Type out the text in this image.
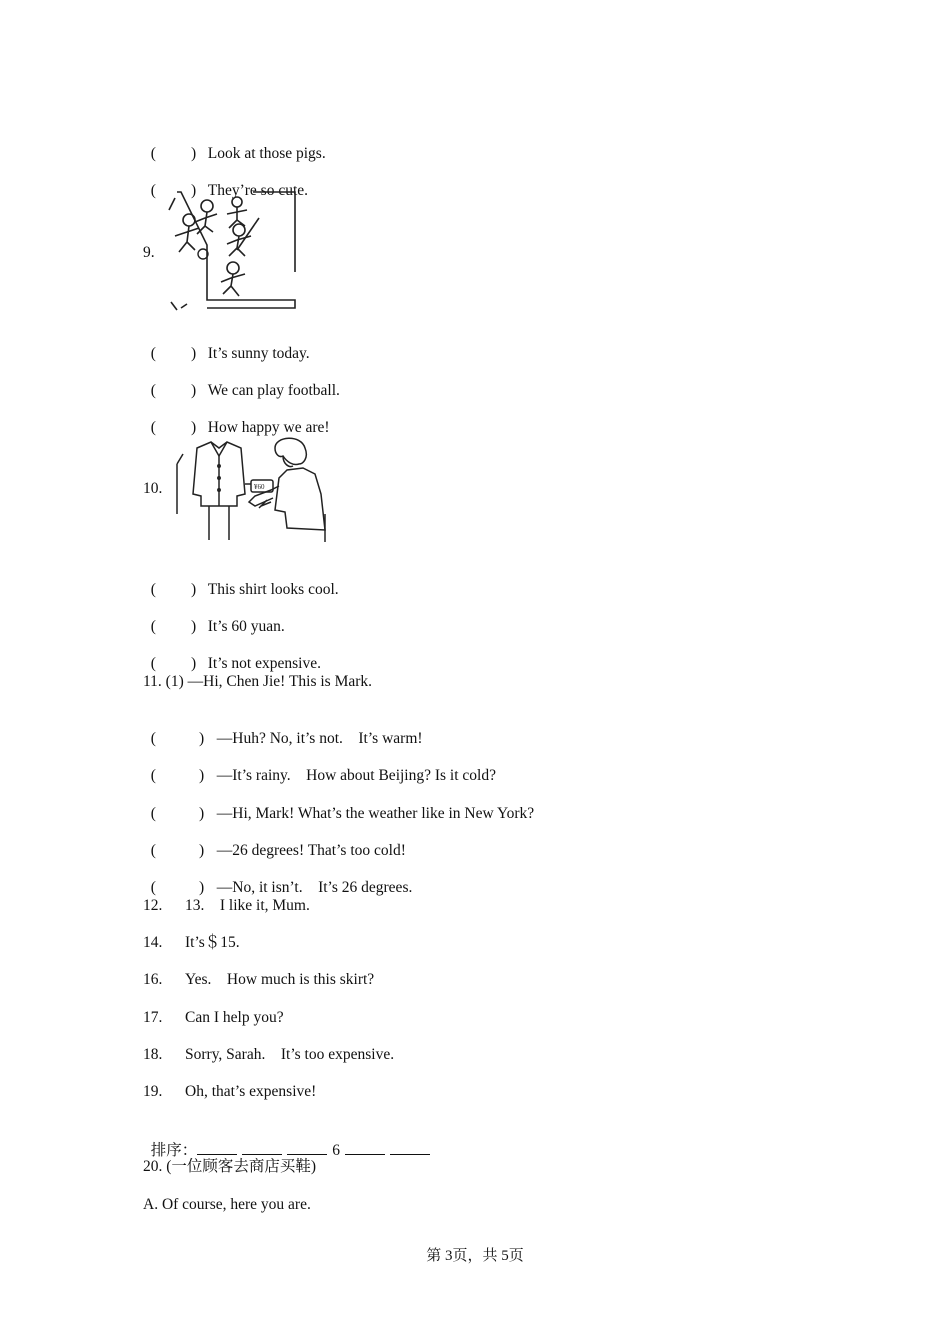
( ) Look at those pigs.

( ) They’re so cute.

9.

( ) It’s sunny today.

( ) We can play football.

( ) How happy we are!

10.	¥60

( ) This shirt looks cool.

( ) It’s 60 yuan.

( ) It’s not expensive.

11. (1) —Hi, Chen Jie! This is Mark.

(	) —Huh? No, it’s not.    It’s warm!

(	) —It’s rainy.    How about Beijing? Is it cold?

(	) —Hi, Mark! What’s the weather like in New York?

(	) —26 degrees! That’s too cold!

(	) —No, it isn’t.    It’s 26 degrees.

12. 13.    I like it, Mum.
14. It’s＄15.
16. Yes.    How much is this skirt?
17. Can I help you?
18. Sorry, Sarah.    It’s too expensive.
19. Oh, that’s expensive!

排序：	6

20. (一位顾客去商店买鞋)
A. Of course, here you are.
第 3页，共 5页
